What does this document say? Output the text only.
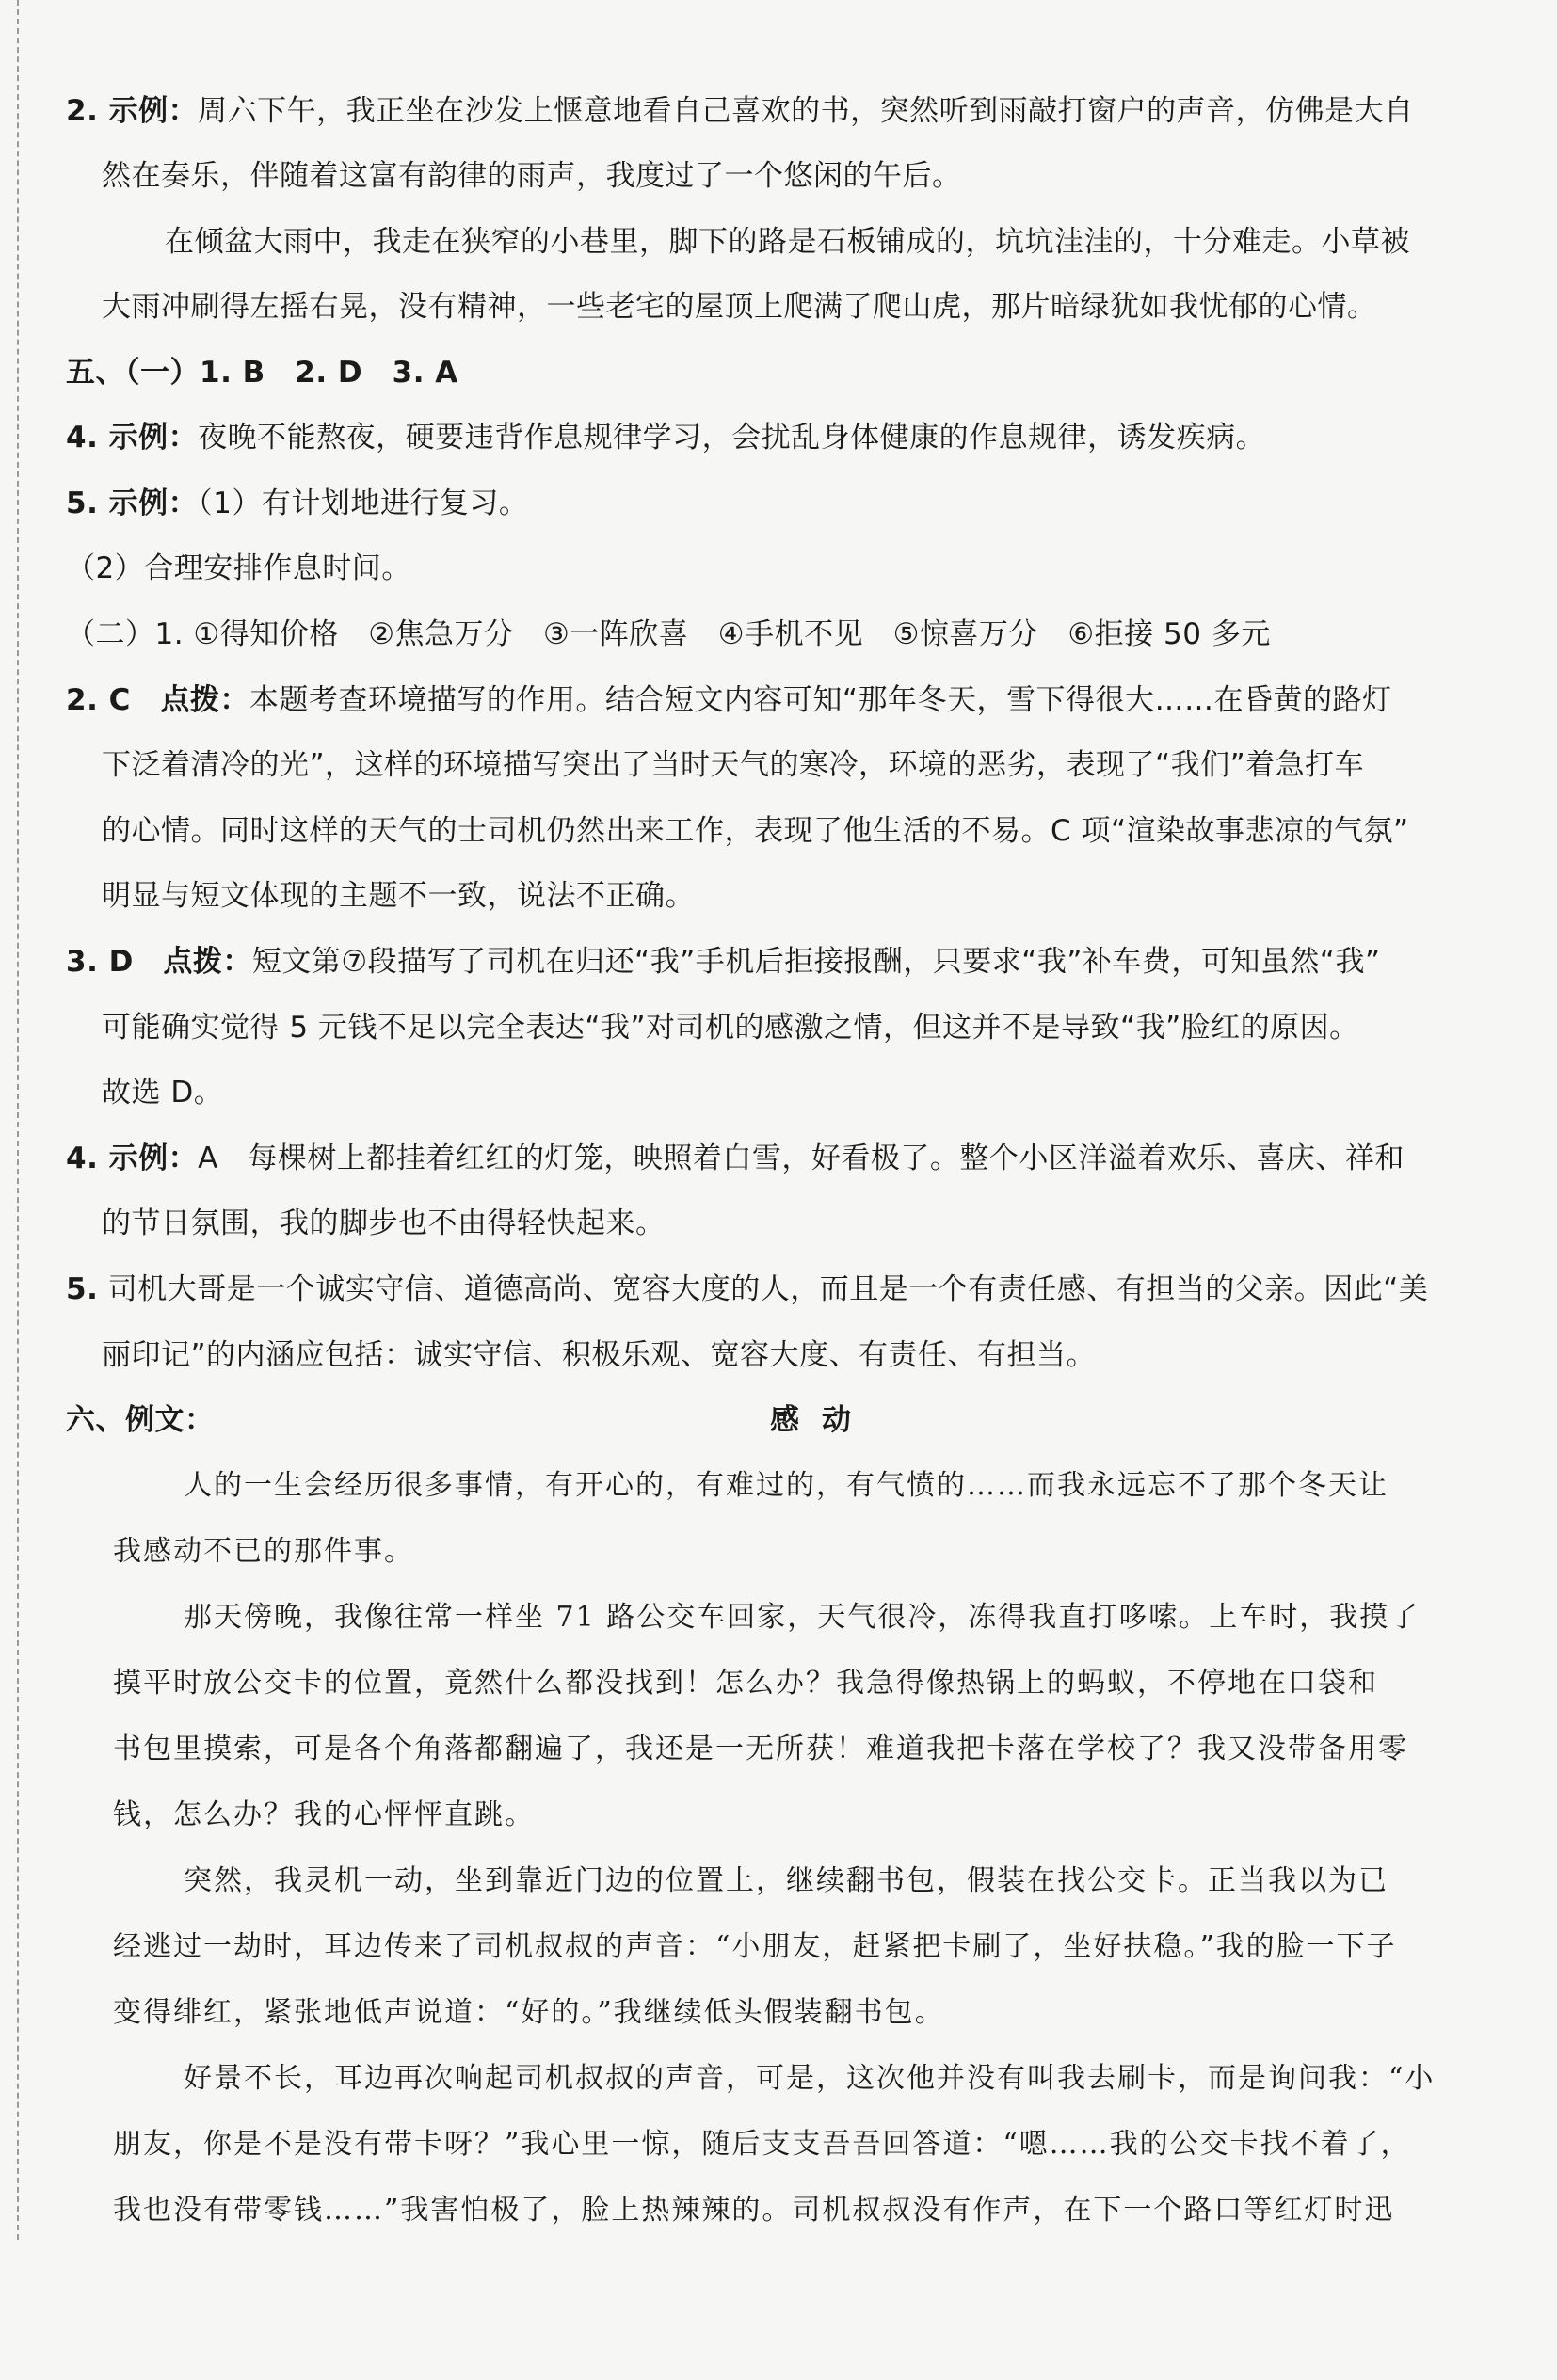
2. 示例：周六下午，我正坐在沙发上惬意地看自己喜欢的书，突然听到雨敲打窗户的声音，仿佛是大自
然在奏乐，伴随着这富有韵律的雨声，我度过了一个悠闲的午后。
在倾盆大雨中，我走在狭窄的小巷里，脚下的路是石板铺成的，坑坑洼洼的，十分难走。小草被
大雨冲刷得左摇右晃，没有精神，一些老宅的屋顶上爬满了爬山虎，那片暗绿犹如我忧郁的心情。
五、（一）1. B　2. D　3. A
4. 示例：夜晚不能熬夜，硬要违背作息规律学习，会扰乱身体健康的作息规律，诱发疾病。
5. 示例：（1）有计划地进行复习。
（2）合理安排作息时间。
（二）1. ①得知价格　②焦急万分　③一阵欣喜　④手机不见　⑤惊喜万分　⑥拒接 50 多元
2. C　点拨：本题考查环境描写的作用。结合短文内容可知“那年冬天，雪下得很大……在昏黄的路灯
下泛着清冷的光”，这样的环境描写突出了当时天气的寒冷，环境的恶劣，表现了“我们”着急打车
的心情。同时这样的天气的士司机仍然出来工作，表现了他生活的不易。C 项“渲染故事悲凉的气氛”
明显与短文体现的主题不一致，说法不正确。
3. D　点拨：短文第⑦段描写了司机在归还“我”手机后拒接报酬，只要求“我”补车费，可知虽然“我”
可能确实觉得 5 元钱不足以完全表达“我”对司机的感激之情，但这并不是导致“我”脸红的原因。
故选 D。
4. 示例：A　每棵树上都挂着红红的灯笼，映照着白雪，好看极了。整个小区洋溢着欢乐、喜庆、祥和
的节日氛围，我的脚步也不由得轻快起来。
5. 司机大哥是一个诚实守信、道德高尚、宽容大度的人，而且是一个有责任感、有担当的父亲。因此“美
丽印记”的内涵应包括：诚实守信、积极乐观、宽容大度、有责任、有担当。
六、例文：	感动
人的一生会经历很多事情，有开心的，有难过的，有气愤的……而我永远忘不了那个冬天让
我感动不已的那件事。
那天傍晚，我像往常一样坐 71 路公交车回家，天气很冷，冻得我直打哆嗦。上车时，我摸了
摸平时放公交卡的位置，竟然什么都没找到！怎么办？我急得像热锅上的蚂蚁，不停地在口袋和
书包里摸索，可是各个角落都翻遍了，我还是一无所获！难道我把卡落在学校了？我又没带备用零
钱，怎么办？我的心怦怦直跳。
突然，我灵机一动，坐到靠近门边的位置上，继续翻书包，假装在找公交卡。正当我以为已
经逃过一劫时，耳边传来了司机叔叔的声音：“小朋友，赶紧把卡刷了，坐好扶稳。”我的脸一下子
变得绯红，紧张地低声说道：“好的。”我继续低头假装翻书包。
好景不长，耳边再次响起司机叔叔的声音，可是，这次他并没有叫我去刷卡，而是询问我：“小
朋友，你是不是没有带卡呀？”我心里一惊，随后支支吾吾回答道：“嗯……我的公交卡找不着了，
我也没有带零钱……”我害怕极了，脸上热辣辣的。司机叔叔没有作声，在下一个路口等红灯时迅
